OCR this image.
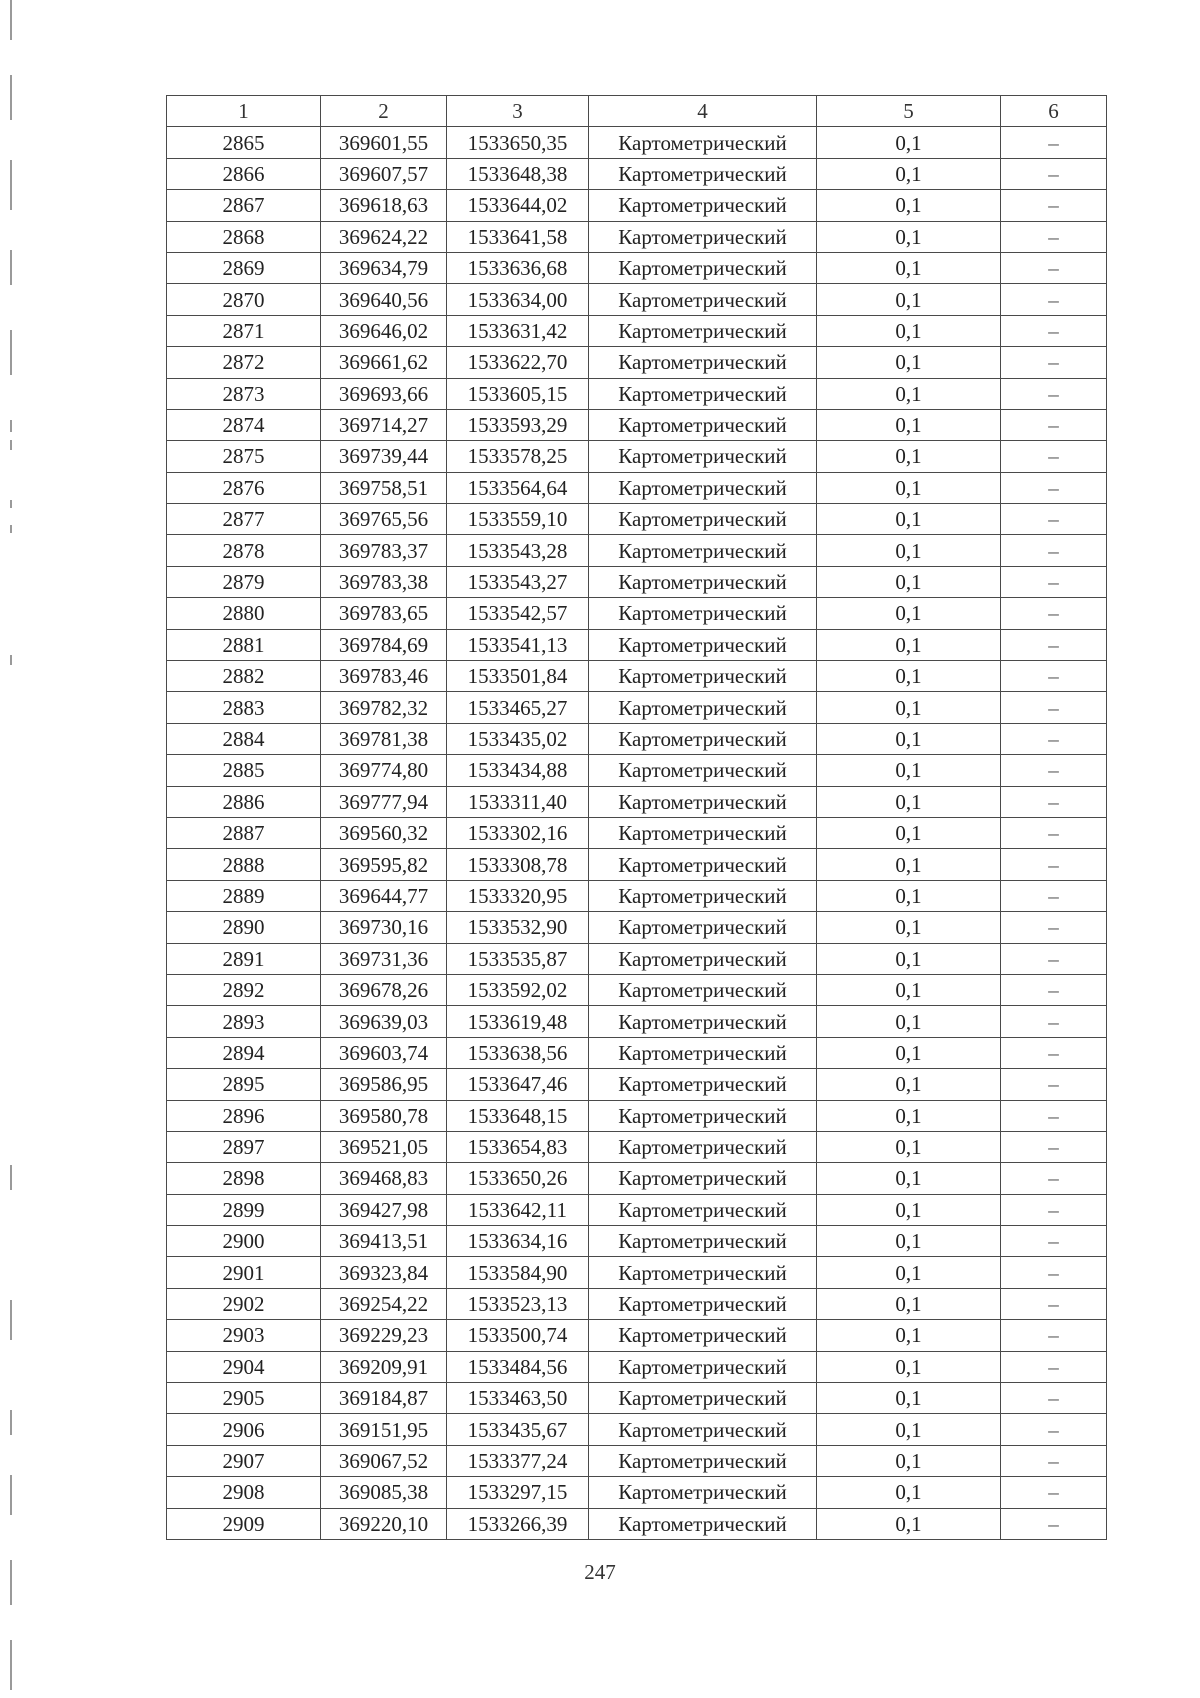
1	2	3	4	5	6
2865	369601,55	1533650,35	Картометрический	0,1	–
2866	369607,57	1533648,38	Картометрический	0,1	–
2867	369618,63	1533644,02	Картометрический	0,1	–
2868	369624,22	1533641,58	Картометрический	0,1	–
2869	369634,79	1533636,68	Картометрический	0,1	–
2870	369640,56	1533634,00	Картометрический	0,1	–
2871	369646,02	1533631,42	Картометрический	0,1	–
2872	369661,62	1533622,70	Картометрический	0,1	–
2873	369693,66	1533605,15	Картометрический	0,1	–
2874	369714,27	1533593,29	Картометрический	0,1	–
2875	369739,44	1533578,25	Картометрический	0,1	–
2876	369758,51	1533564,64	Картометрический	0,1	–
2877	369765,56	1533559,10	Картометрический	0,1	–
2878	369783,37	1533543,28	Картометрический	0,1	–
2879	369783,38	1533543,27	Картометрический	0,1	–
2880	369783,65	1533542,57	Картометрический	0,1	–
2881	369784,69	1533541,13	Картометрический	0,1	–
2882	369783,46	1533501,84	Картометрический	0,1	–
2883	369782,32	1533465,27	Картометрический	0,1	–
2884	369781,38	1533435,02	Картометрический	0,1	–
2885	369774,80	1533434,88	Картометрический	0,1	–
2886	369777,94	1533311,40	Картометрический	0,1	–
2887	369560,32	1533302,16	Картометрический	0,1	–
2888	369595,82	1533308,78	Картометрический	0,1	–
2889	369644,77	1533320,95	Картометрический	0,1	–
2890	369730,16	1533532,90	Картометрический	0,1	–
2891	369731,36	1533535,87	Картометрический	0,1	–
2892	369678,26	1533592,02	Картометрический	0,1	–
2893	369639,03	1533619,48	Картометрический	0,1	–
2894	369603,74	1533638,56	Картометрический	0,1	–
2895	369586,95	1533647,46	Картометрический	0,1	–
2896	369580,78	1533648,15	Картометрический	0,1	–
2897	369521,05	1533654,83	Картометрический	0,1	–
2898	369468,83	1533650,26	Картометрический	0,1	–
2899	369427,98	1533642,11	Картометрический	0,1	–
2900	369413,51	1533634,16	Картометрический	0,1	–
2901	369323,84	1533584,90	Картометрический	0,1	–
2902	369254,22	1533523,13	Картометрический	0,1	–
2903	369229,23	1533500,74	Картометрический	0,1	–
2904	369209,91	1533484,56	Картометрический	0,1	–
2905	369184,87	1533463,50	Картометрический	0,1	–
2906	369151,95	1533435,67	Картометрический	0,1	–
2907	369067,52	1533377,24	Картометрический	0,1	–
2908	369085,38	1533297,15	Картометрический	0,1	–
2909	369220,10	1533266,39	Картометрический	0,1	–
247
